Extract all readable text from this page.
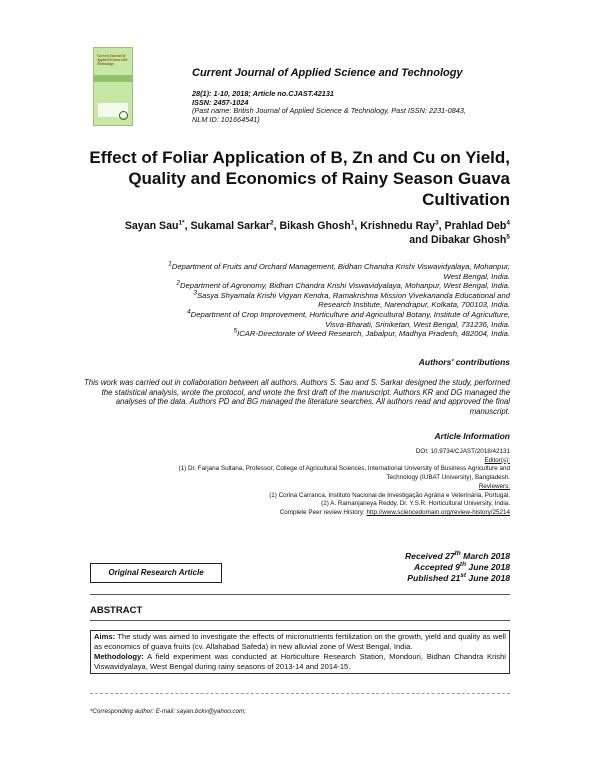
Current Journal of Applied Science and Technology
Current Journal of Applied Science and Technology
28(1): 1-10, 2018; Article no.CJAST.42131
ISSN: 2457-1024
(Past name: British Journal of Applied Science & Technology, Past ISSN: 2231-0843,
NLM ID: 101664541)
Effect of Foliar Application of B, Zn and Cu on Yield, Quality and Economics of Rainy Season Guava Cultivation
Sayan Sau$^{1*}$, Sukamal Sarkar$^2$, Bikash Ghosh$^1$, Krishnedu Ray$^3$, Prahlad Deb$^4$
and Dibakar Ghosh$^5$
$^1$Department of Fruits and Orchard Management, Bidhan Chandra Krishi Viswavidyalaya, Mohanpur,
West Bengal, India.
$^2$Department of Agronomy, Bidhan Chandra Krishi Viswavidyalaya, Mohanpur, West Bengal, India.
$^3$Sasya Shyamala Krishi Vigyan Kendra, Ramakrishna Mission Vivekananda Educational and
Research Institute, Narendrapur, Kolkata, 700103, India.
$^4$Department of Crop Improvement, Horticulture and Agricultural Botany, Institute of Agriculture,
Visva-Bharati, Sriniketan, West Bengal, 731236, India.
$^5$ICAR-Directorate of Weed Research, Jabalpur, Madhya Pradesh, 482004, India.
Authors' contributions
This work was carried out in collaboration between all authors. Authors S. Sau and S. Sarkar designed the study, performed the statistical analysis, wrote the protocol, and wrote the first draft of the manuscript. Authors KR and DG managed the analyses of the data. Authors PD and BG managed the literature searches. All authors read and approved the final manuscript.
Article Information
DOI: 10.9734/CJAST/2018/42131
Editor(s):
(1) Dr. Farjana Sultana, Professor, College of Agricultural Sciences, International University of Business Agriculture and
Technology (IUBAT University), Bangladesh.
Reviewers:
(1) Corina Carranca, Instituto Nacional de Investigação Agrária e Veterinária, Portugal.
(2) A. Ramanjaneya Reddy, Dr. Y.S.R. Horticultural University, India.
Complete Peer review History: http://www.sciencedomain.org/review-history/25214
Original Research Article
Received 27th March 2018
Accepted 9th June 2018
Published 21st June 2018
ABSTRACT
Aims: The study was aimed to investigate the effects of micronutrients fertilization on the growth, yield and quality as well as economics of guava fruits (cv. Allahabad Safeda) in new alluvial zone of West Bengal, India.
Methodology: A field experiment was conducted at Horticulture Research Station, Mondouri, Bidhan Chandra Krishi Viswavidyalaya, West Bengal during rainy seasons of 2013-14 and 2014-15.
*Corresponding author: E-mail: sayan.bckv@yahoo.com;
